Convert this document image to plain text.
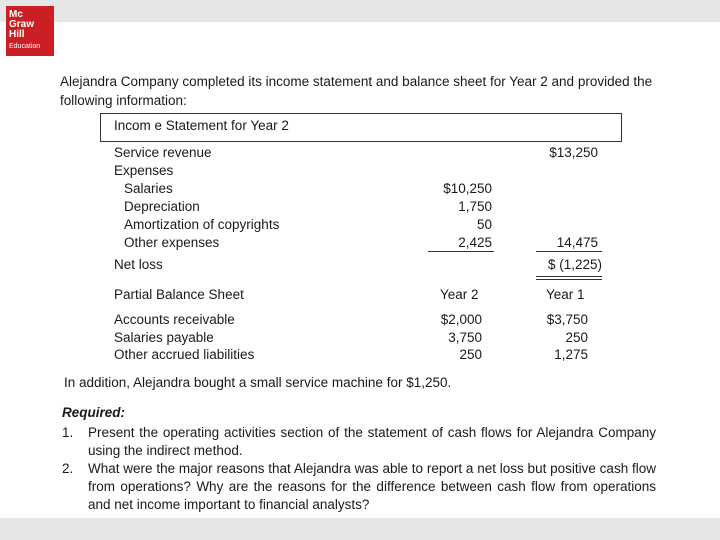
Mc
Graw
Hill
Education
Alejandra Company completed its income statement and balance sheet for Year 2 and provided the following information:
Incom e Statement for Year 2
Service revenue	$13,250
Expenses
Salaries	$10,250
Depreciation	1,750
Amortization of copyrights	50
Other expenses	2,425	14,475
Net loss	$ (1,225)
Partial Balance Sheet	Year 2	Year 1
Accounts receivable	$2,000	$3,750
Salaries payable	3,750	250
Other accrued liabilities	250	1,275
In addition, Alejandra bought a small service machine for $1,250.
Required:
1. Present the operating activities section of the statement of cash flows for Alejandra Company using the indirect method.
2. What were the major reasons that Alejandra was able to report a net loss but positive cash flow from operations? Why are the reasons for the difference between cash flow from operations and net income important to financial analysts?
